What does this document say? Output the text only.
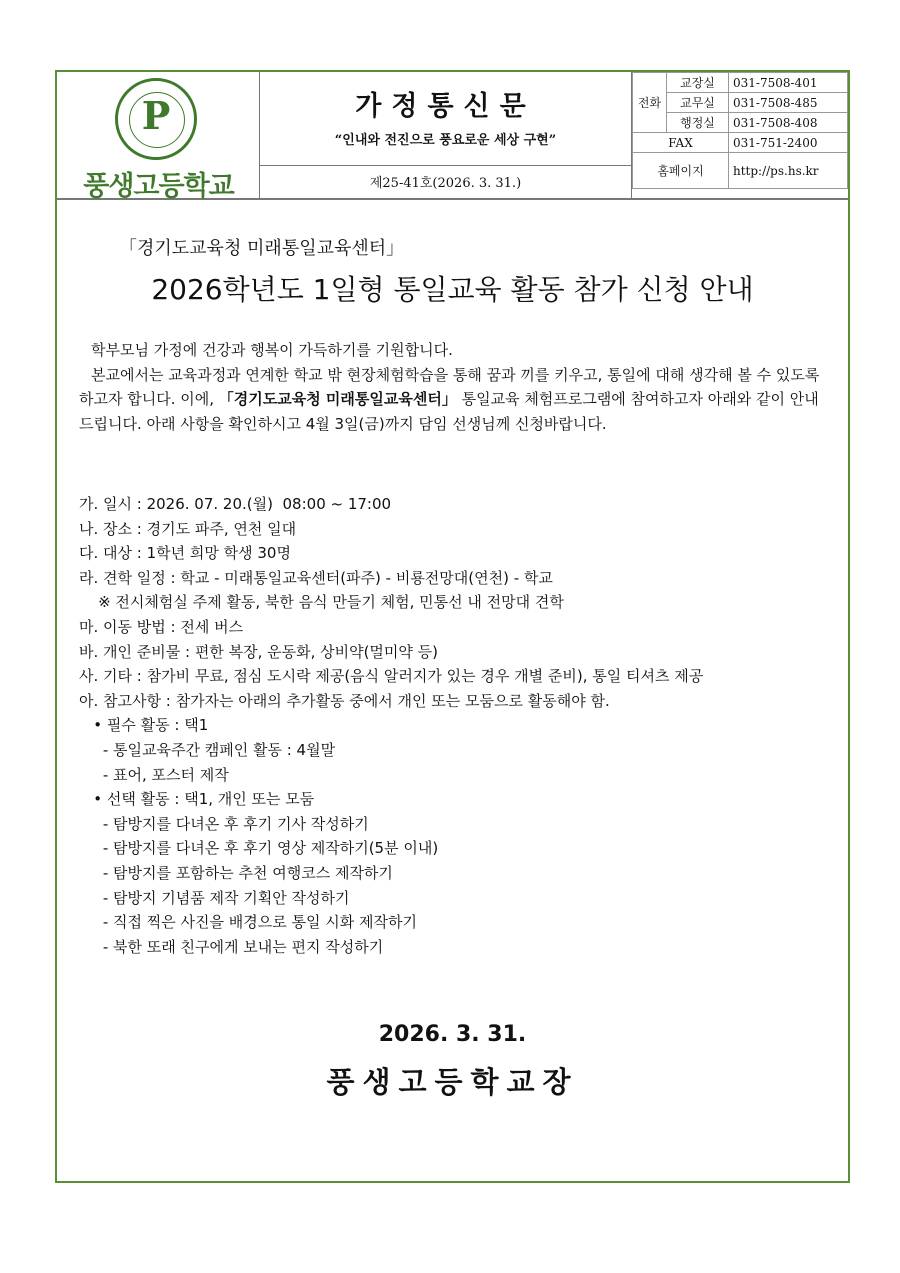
P
풍생고등학교
가정통신문
“인내와 전진으로 풍요로운 세상 구현”
제25-41호(2026. 3. 31.)
전화	교장실	031-7508-401
	교무실	031-7508-485
	행정실	031-7508-408
FAX		031-751-2400
홈페이지		http://ps.hs.kr
「경기도교육청 미래통일교육센터」
2026학년도 1일형 통일교육 활동 참가 신청 안내
학부모님 가정에 건강과 행복이 가득하기를 기원합니다.
본교에서는 교육과정과 연계한 학교 밖 현장체험학습을 통해 꿈과 끼를 키우고, 통일에 대해 생각해 볼 수 있도록 하고자 합니다. 이에, 「경기도교육청 미래통일교육센터」 통일교육 체험프로그램에 참여하고자 아래와 같이 안내드립니다. 아래 사항을 확인하시고 4월 3일(금)까지 담임 선생님께 신청바랍니다.
가. 일시 : 2026. 07. 20.(월)  08:00 ~ 17:00
나. 장소 : 경기도 파주, 연천 일대
다. 대상 : 1학년 희망 학생 30명
라. 견학 일정 : 학교 - 미래통일교육센터(파주) - 비룡전망대(연천) - 학교
※ 전시체험실 주제 활동, 북한 음식 만들기 체험, 민통선 내 전망대 견학
마. 이동 방법 : 전세 버스
바. 개인 준비물 : 편한 복장, 운동화, 상비약(멀미약 등)
사. 기타 : 참가비 무료, 점심 도시락 제공(음식 알러지가 있는 경우 개별 준비), 통일 티셔츠 제공
아. 참고사항 : 참가자는 아래의 추가활동 중에서 개인 또는 모둠으로 활동해야 함.
• 필수 활동 : 택1
- 통일교육주간 캠페인 활동 : 4월말
- 표어, 포스터 제작
• 선택 활동 : 택1, 개인 또는 모둠
- 탐방지를 다녀온 후 후기 기사 작성하기
- 탐방지를 다녀온 후 후기 영상 제작하기(5분 이내)
- 탐방지를 포함하는 추천 여행코스 제작하기
- 탐방지 기념품 제작 기획안 작성하기
- 직접 찍은 사진을 배경으로 통일 시화 제작하기
- 북한 또래 친구에게 보내는 편지 작성하기
2026. 3. 31.
풍생고등학교장
